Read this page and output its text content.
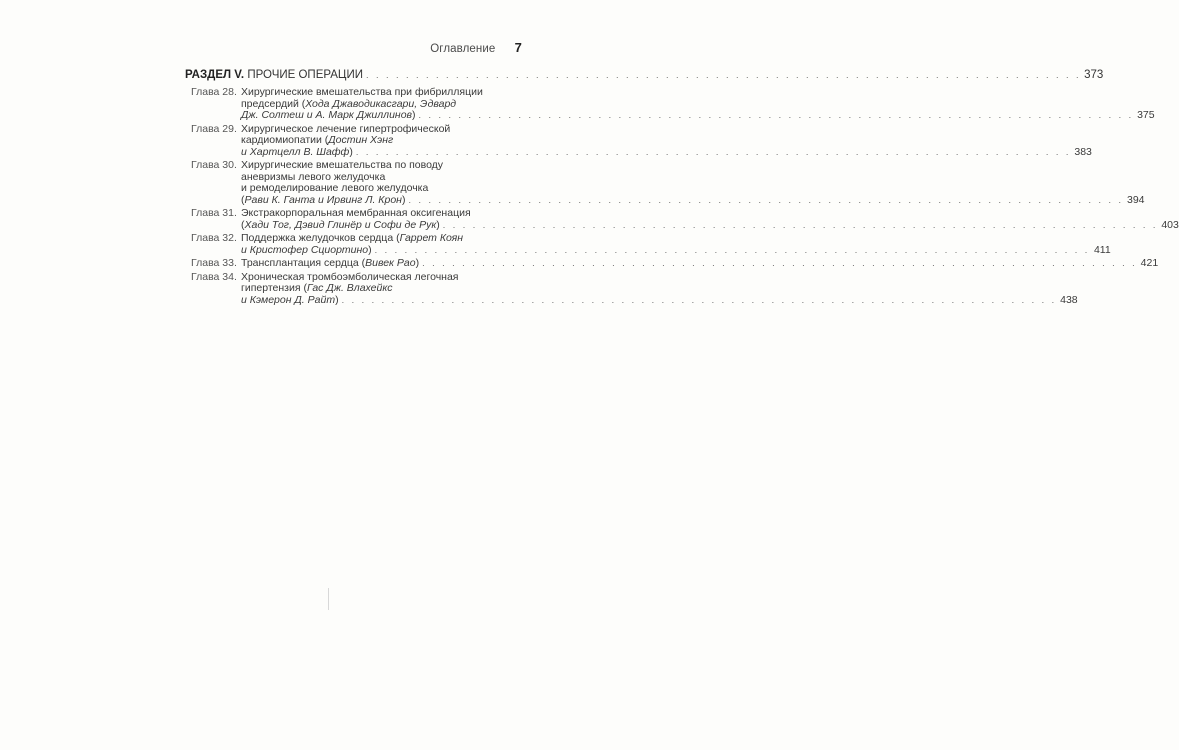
Оглавление 7
РАЗДЕЛ V. ПРОЧИЕ ОПЕРАЦИИ . . .	373
Глава 28. Хирургические вмешательства при фибрилляции
предсердий (Хода Джаводикасгари, Эдвард
Дж. Солтеш и А. Марк Джиллинов) . . .	375
Глава 29. Хирургическое лечение гипертрофической
кардиомиопатии (Достин Хэнг
и Хартцелл В. Шафф) . . .	383
Глава 30. Хирургические вмешательства по поводу
аневризмы левого желудочка
и ремоделирование левого желудочка
(Рави К. Ганта и Ирвинг Л. Крон) . . .	394
Глава 31. Экстракорпоральная мембранная оксигенация
(Хади Тог, Дэвид Глинёр и Софи де Рук) . . .	403
Глава 32. Поддержка желудочков сердца (Гаррет Коян
и Кристофер Сциортино) . . .	411
Глава 33. Трансплантация сердца (Вивек Рао) . . .	421
Глава 34. Хроническая тромбоэмболическая легочная
гипертензия (Гас Дж. Влахейкс
и Кэмерон Д. Райт) . . .	438
